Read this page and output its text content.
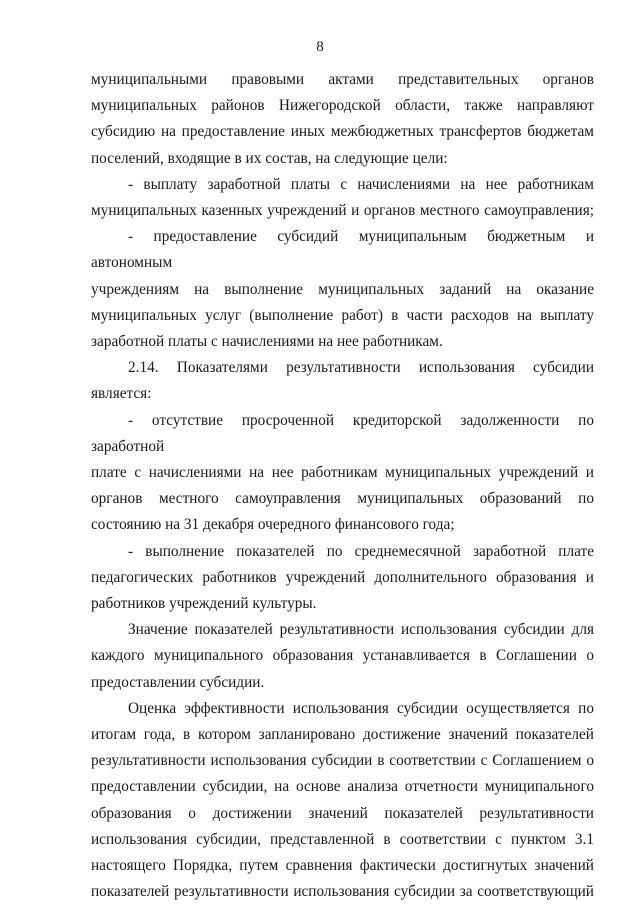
8

муниципальными правовыми актами представительных органов
муниципальных районов Нижегородской области, также направляют
субсидию на предоставление иных межбюджетных трансфертов бюджетам
поселений, входящие в их состав, на следующие цели:

- выплату заработной платы с начислениями на нее работникам
муниципальных казенных учреждений и органов местного самоуправления;

- предоставление субсидий муниципальным бюджетным и автономным
учреждениям на выполнение муниципальных заданий на оказание
муниципальных услуг (выполнение работ) в части расходов на выплату
заработной платы с начислениями на нее работникам.

2.14. Показателями результативности использования субсидии
является:

- отсутствие просроченной кредиторской задолженности по заработной
плате с начислениями на нее работникам муниципальных учреждений и
органов местного самоуправления муниципальных образований по
состоянию на 31 декабря очередного финансового года;

- выполнение показателей по среднемесячной заработной плате
педагогических работников учреждений дополнительного образования и
работников учреждений культуры.

Значение показателей результативности использования субсидии для
каждого муниципального образования устанавливается в Соглашении о
предоставлении субсидии.

Оценка эффективности использования субсидии осуществляется по
итогам года, в котором запланировано достижение значений показателей
результативности использования субсидии в соответствии с Соглашением о
предоставлении субсидии, на основе анализа отчетности муниципального
образования о достижении значений показателей результативности
использования субсидии, представленной в соответствии с пунктом 3.1
настоящего Порядка, путем сравнения фактически достигнутых значений
показателей результативности использования субсидии за соответствующий
